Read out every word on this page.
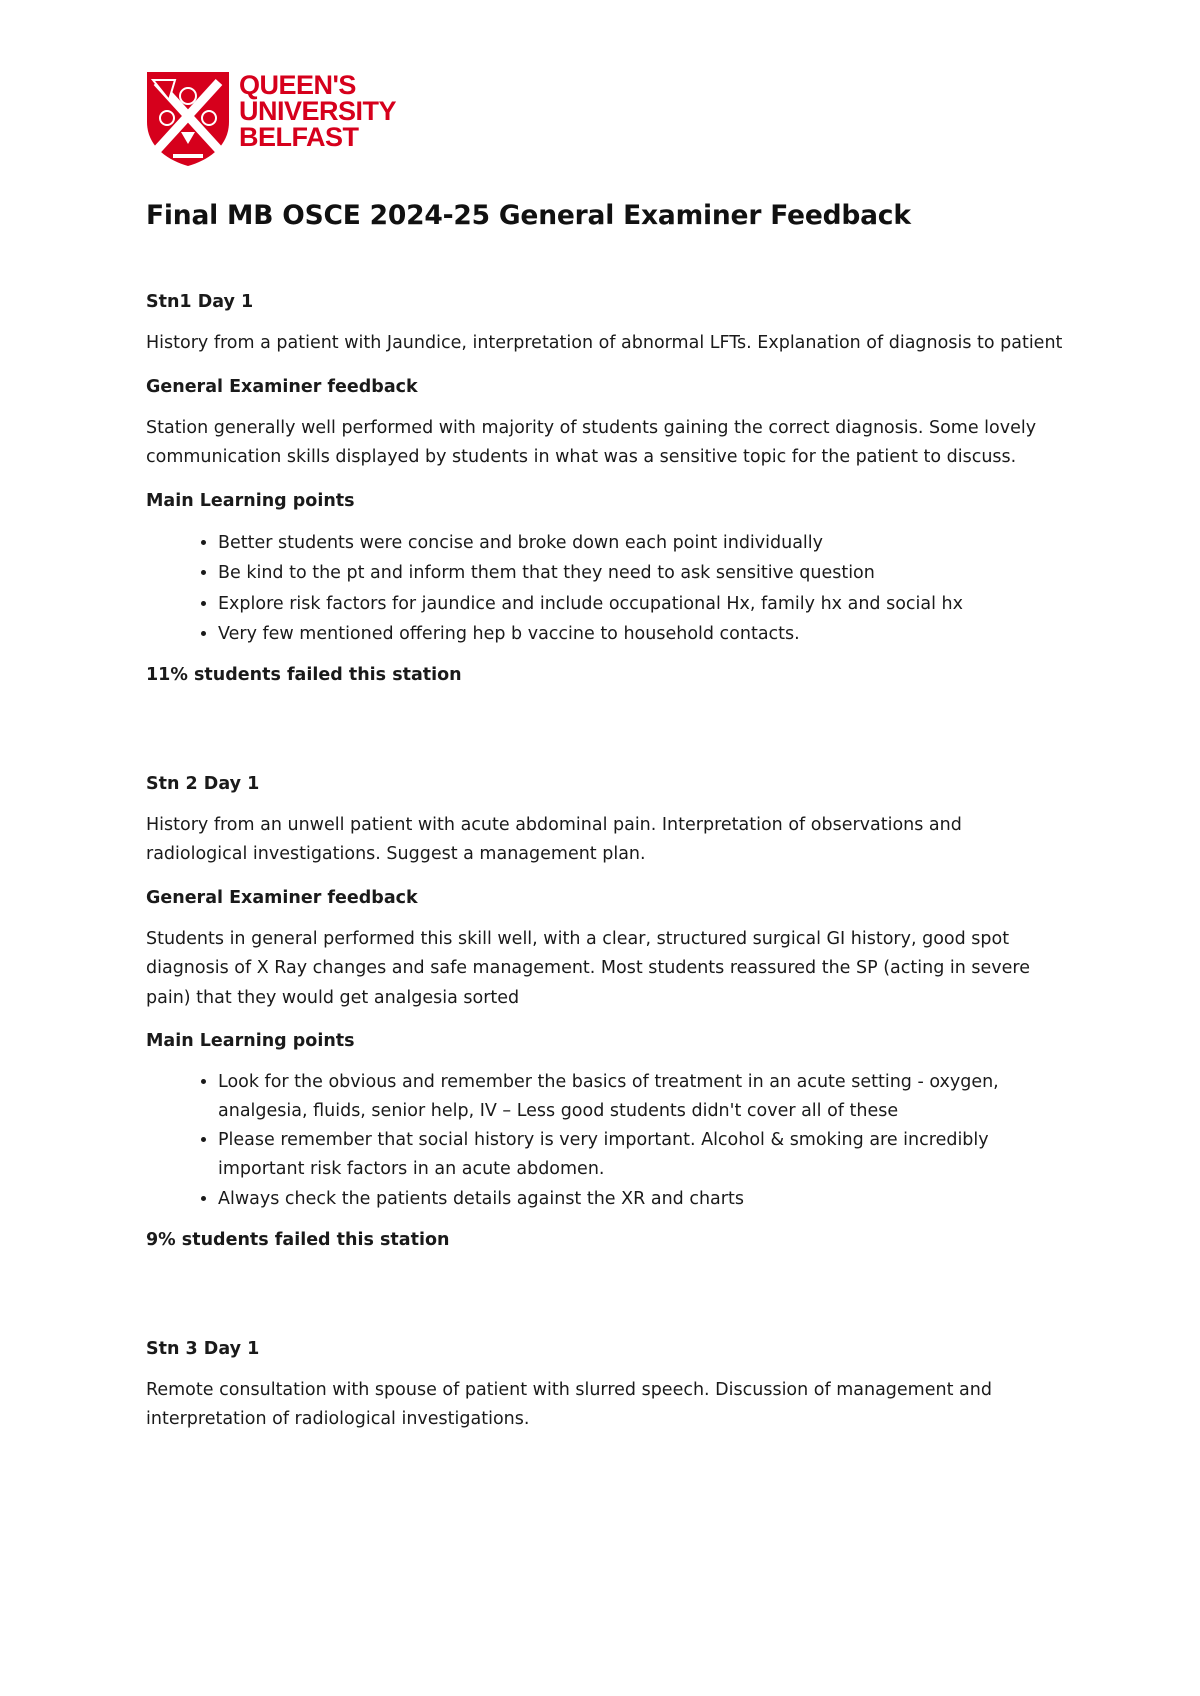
QUEEN'S
UNIVERSITY
BELFAST
Final MB OSCE 2024-25 General Examiner Feedback

Stn1 Day 1

History from a patient with Jaundice, interpretation of abnormal LFTs. Explanation of diagnosis to patient

General Examiner feedback

Station generally well performed with majority of students gaining the correct diagnosis. Some lovely communication skills displayed by students in what was a sensitive topic for the patient to discuss.

Main Learning points

• Better students were concise and broke down each point individually
• Be kind to the pt and inform them that they need to ask sensitive question
• Explore risk factors for jaundice and include occupational Hx, family hx and social hx
• Very few mentioned offering hep b vaccine to household contacts.

11% students failed this station

Stn 2 Day 1

History from an unwell patient with acute abdominal pain. Interpretation of observations and radiological investigations. Suggest a management plan.

General Examiner feedback

Students in general performed this skill well, with a clear, structured surgical GI history, good spot diagnosis of X Ray changes and safe management. Most students reassured the SP (acting in severe pain) that they would get analgesia sorted

Main Learning points

• Look for the obvious and remember the basics of treatment in an acute setting - oxygen, analgesia, fluids, senior help, IV – Less good students didn't cover all of these
• Please remember that social history is very important. Alcohol & smoking are incredibly important risk factors in an acute abdomen.
• Always check the patients details against the XR and charts

9% students failed this station

Stn 3 Day 1

Remote consultation with spouse of patient with slurred speech. Discussion of management and interpretation of radiological investigations.
